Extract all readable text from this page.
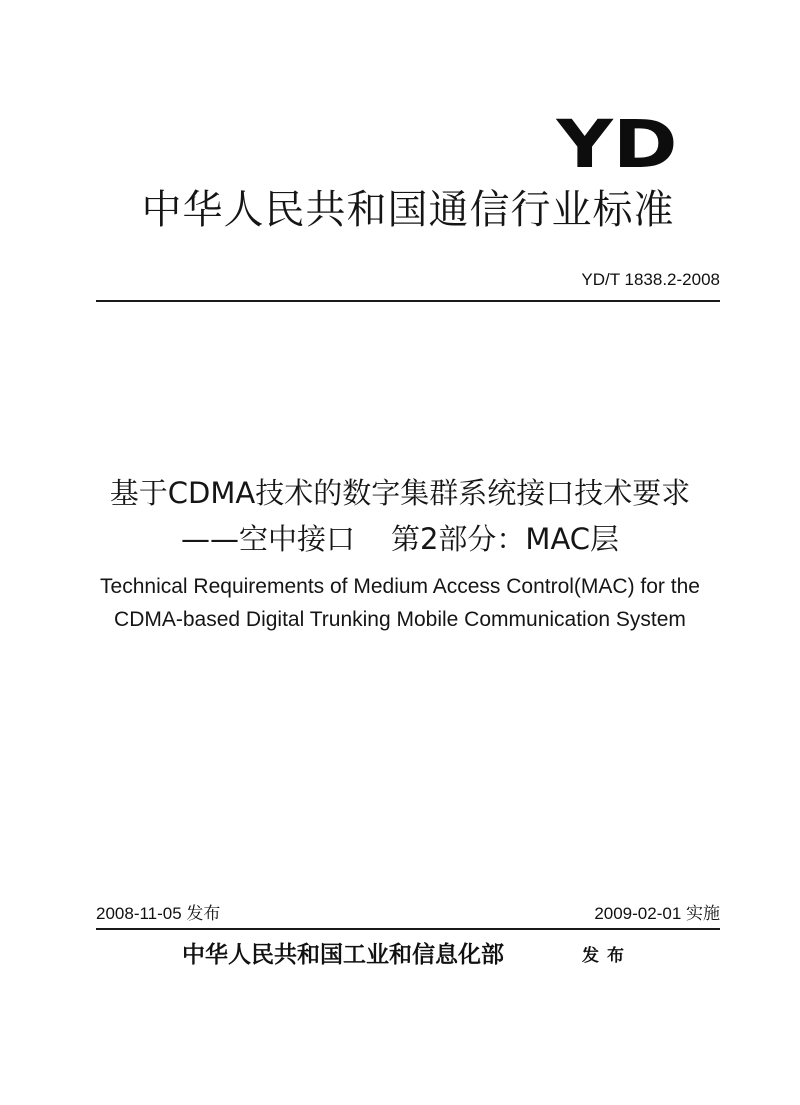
YD
中华人民共和国通信行业标准
YD/T 1838.2-2008
基于CDMA技术的数字集群系统接口技术要求
——空中接口 第2部分：MAC层
Technical Requirements of Medium Access Control(MAC) for the
CDMA-based Digital Trunking Mobile Communication System
2008-11-05 发布	2009-02-01 实施
中华人民共和国工业和信息化部	发布
